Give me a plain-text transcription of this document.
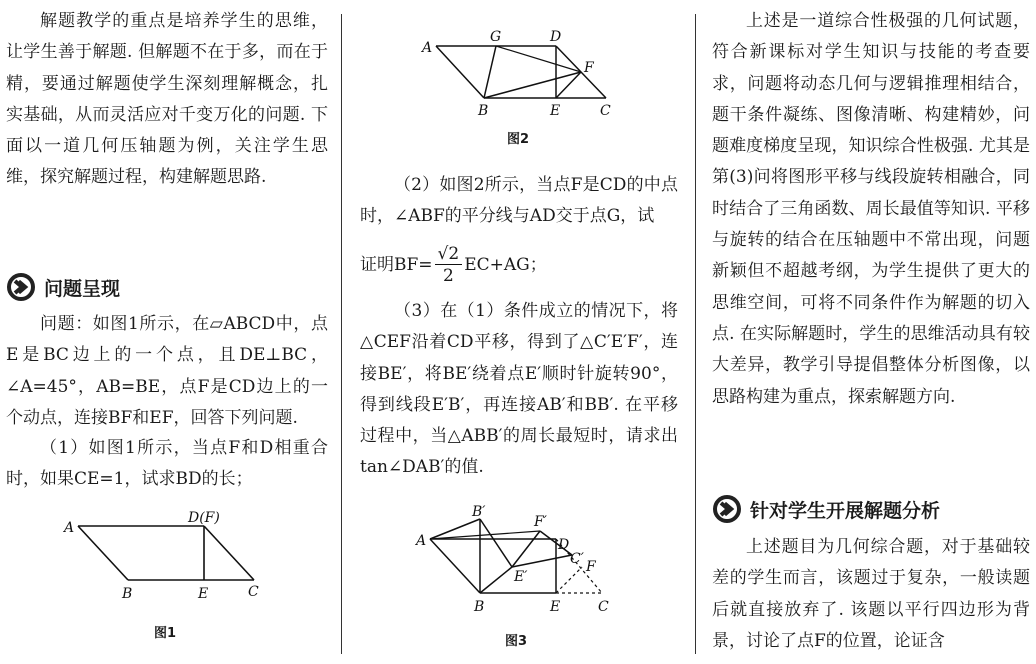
解题教学的重点是培养学生的思维，让学生善于解题. 但解题不在于多，而在于精，要通过解题使学生深刻理解概念，扎实基础，从而灵活应对千变万化的问题. 下面以一道几何压轴题为例，关注学生思维，探究解题过程，构建解题思路.

问题呈现

问题：如图1所示，在▱ABCD中，点E是BC边上的一个点，且DE⊥BC，∠A=45°，AB=BE，点F是CD边上的一个动点，连接BF和EF，回答下列问题.

（1）如图1所示，当点F和D相重合时，如果CE=1，试求BD的长；

A
D(F)
B	E	C
图1
A
G	D
F
B	E	C
图2

（2）如图2所示，当点F是CD的中点时，∠ABF的平分线与AD交于点G，试

证明$BF= \frac{√2}{2} EC+AG$；

（3）在（1）条件成立的情况下，将△CEF沿着CD平移，得到了△C′E′F′，连接BE′，将BE′绕着点E′顺时针旋转90°，得到线段E′B′，再连接AB′和BB′. 在平移过程中，当△ABB′的周长最短时，请求出tan∠DAB′的值.

A
B′
F′
D
C′ F
E′
B	E	C
图3

上述是一道综合性极强的几何试题，符合新课标对学生知识与技能的考查要求，问题将动态几何与逻辑推理相结合，题干条件凝练、图像清晰、构建精妙，问题难度梯度呈现，知识综合性极强. 尤其是第(3)问将图形平移与线段旋转相融合，同时结合了三角函数、周长最值等知识. 平移与旋转的结合在压轴题中不常出现，问题新颖但不超越考纲，为学生提供了更大的思维空间，可将不同条件作为解题的切入点. 在实际解题时，学生的思维活动具有较大差异，教学引导提倡整体分析图像，以思路构建为重点，探索解题方向.

针对学生开展解题分析

上述题目为几何综合题，对于基础较差的学生而言，该题过于复杂，一般读题后就直接放弃了. 该题以平行四边形为背景，讨论了点F的位置，论证含
